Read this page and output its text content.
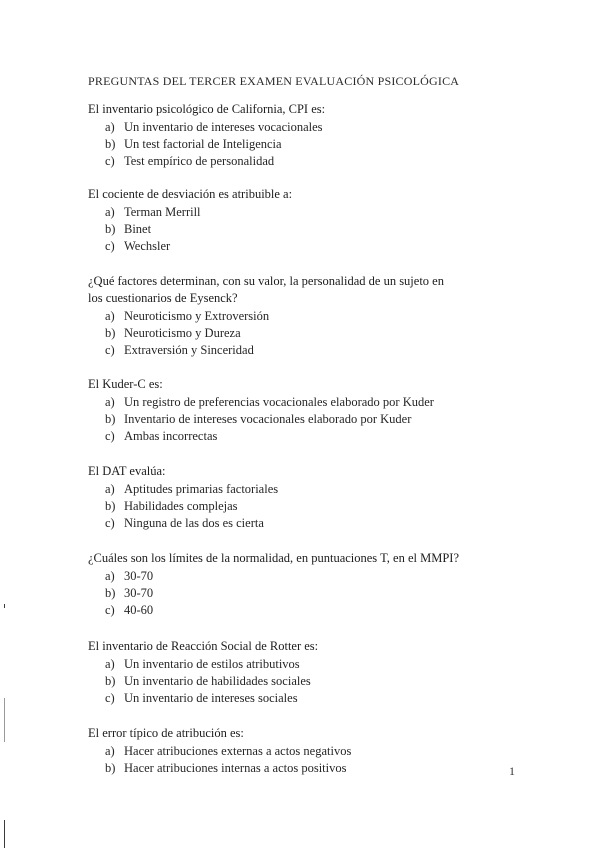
PREGUNTAS DEL TERCER EXAMEN EVALUACIÓN PSICOLÓGICA

El inventario psicológico de California, CPI es:

a) Un inventario de intereses vocacionales
b) Un test factorial de Inteligencia
c) Test empírico de personalidad

El cociente de desviación es atribuible a:

a) Terman Merrill
b) Binet
c) Wechsler

¿Qué factores determinan, con su valor, la personalidad de un sujeto en los cuestionarios de Eysenck?

a) Neuroticismo y Extroversión
b) Neuroticismo y Dureza
c) Extraversión y Sinceridad

El Kuder-C es:

a) Un registro de preferencias vocacionales elaborado por Kuder
b) Inventario de intereses vocacionales elaborado por Kuder
c) Ambas incorrectas

El DAT evalúa:

a) Aptitudes primarias factoriales
b) Habilidades complejas
c) Ninguna de las dos es cierta

¿Cuáles son los límites de la normalidad, en puntuaciones T, en el MMPI?

a) 30-70
b) 30-70
c) 40-60

El inventario de Reacción Social de Rotter es:

a) Un inventario de estilos atributivos
b) Un inventario de habilidades sociales
c) Un inventario de intereses sociales

El error típico de atribución es:

a) Hacer atribuciones externas a actos negativos
b) Hacer atribuciones internas a actos positivos	1
